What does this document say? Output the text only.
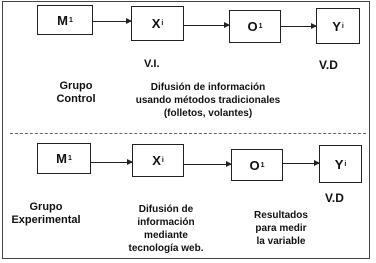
M 1	X i	O 1	Y i
V.I.	V.D
Grupo
Control
Difusión de información
usando métodos tradicionales
(folletos, volantes)
M 1	X i	O 1	Y i
V.D
Grupo
Experimental
Difusión de
información
mediante
tecnología web.
Resultados
para medir
la variable
